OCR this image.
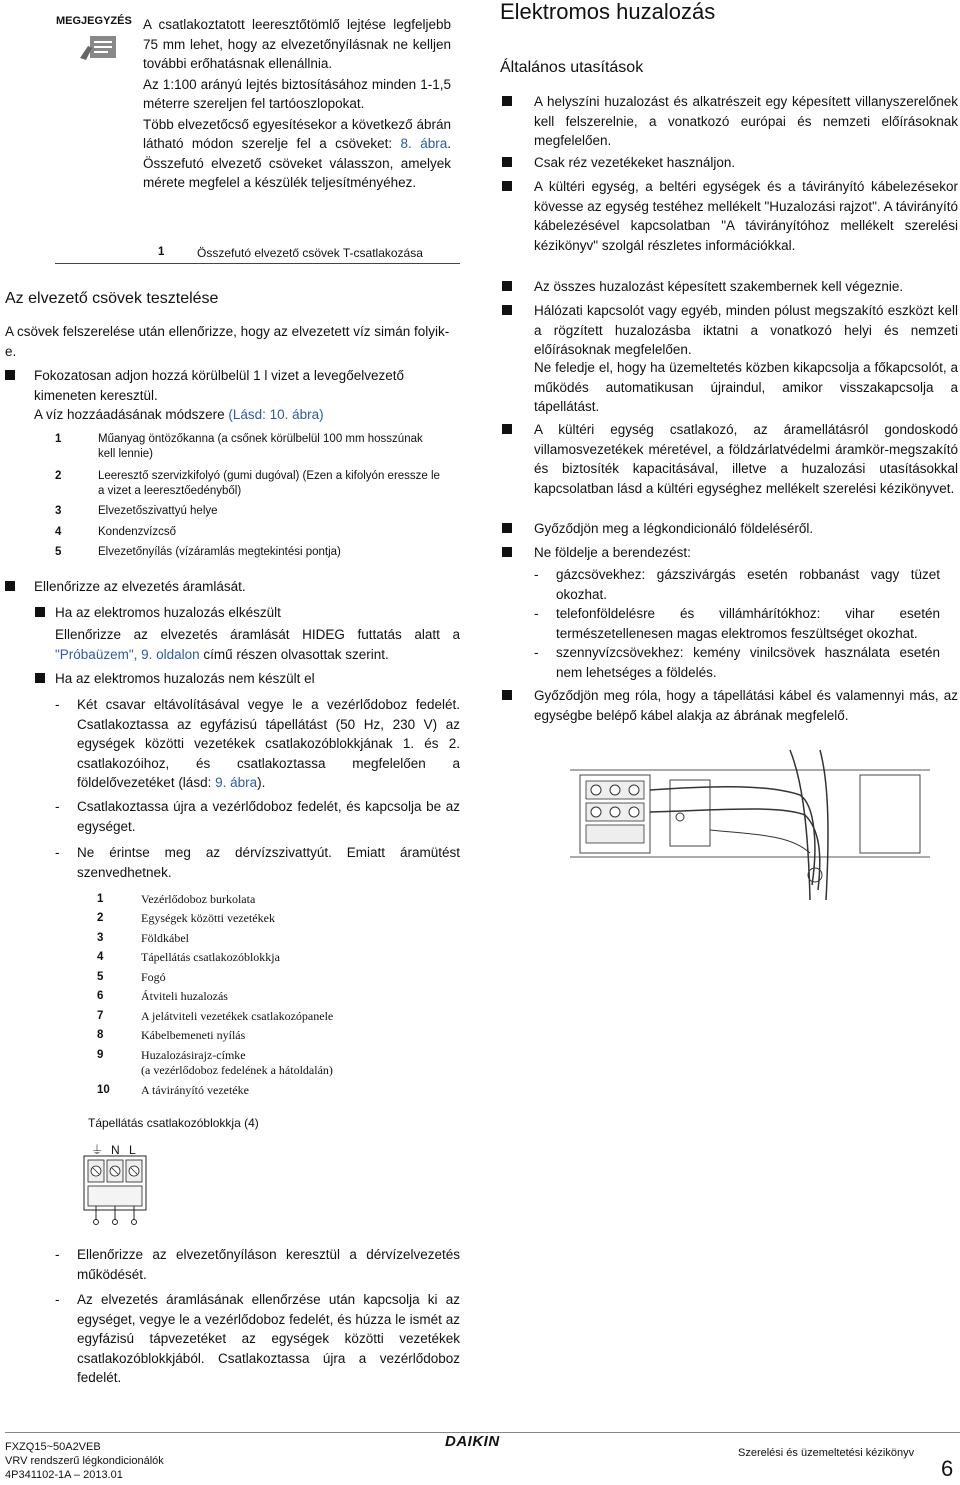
MEGJEGYZÉS A csatlakoztatott leeresztőtömlő lejtése legfeljebb 75 mm lehet, hogy az elvezetőnyílásnak ne kelljen további erőhatásnak ellenállnia.
Az 1:100 arányú lejtés biztosításához minden 1-1,5 méterre szereljen fel tartóoszlopokat.
Több elvezetőcső egyesítésekor a következő ábrán látható módon szerelje fel a csöveket: 8. ábra. Összefutó elvezető csöveket válasszon, amelyek mérete megfelel a készülék teljesítményéhez.
1	Összefutó elvezető csövek T-csatlakozása
Az elvezető csövek tesztelése
A csövek felszerelése után ellenőrizze, hogy az elvezetett víz simán folyik-e.
Fokozatosan adjon hozzá körülbelül 1 l vizet a levegőelvezető kimeneten keresztül.
A víz hozzáadásának módszere (Lásd: 10. ábra)
1	Műanyag öntözőkanna (a csőnek körülbelül 100 mm hosszúnak kell lennie)
2	Leeresztő szervizkifolyó (gumi dugóval) (Ezen a kifolyón eressze le a vizet a leeresztőedényből)
3	Elvezetőszivattyú helye
4	Kondenzvízcső
5	Elvezetőnyílás (vízáramlás megtekintési pontja)
Ellenőrizze az elvezetés áramlását.
Ha az elektromos huzalozás elkészült
Ellenőrizze az elvezetés áramlását HIDEG futtatás alatt a "Próbaüzem", 9. oldalon című részen olvasottak szerint.
Ha az elektromos huzalozás nem készült el
- Két csavar eltávolításával vegye le a vezérlődoboz fedelét. Csatlakoztassa az egyfázisú tápellátást (50 Hz, 230 V) az egységek közötti vezetékek csatlakozóblokkjának 1. és 2. csatlakozóihoz, és csatlakoztassa megfelelően a földelővezetéket (lásd: 9. ábra).
- Csatlakoztassa újra a vezérlődoboz fedelét, és kapcsolja be az egységet.
- Ne érintse meg az dérvízszivattyút. Emiatt áramütést szenvedhetnek.
1	Vezérlődoboz burkolata
2	Egységek közötti vezetékek
3	Földkábel
4	Tápellátás csatlakozóblokkja
5	Fogó
6	Átviteli huzalozás
7	A jelátviteli vezetékek csatlakozópanele
8	Kábelbemeneti nyílás
9	Huzalozásirajz-címke
(a vezérlődoboz fedelének a hátoldalán)
10	A távirányító vezetéke
Tápellátás csatlakozóblokkja (4)
⏚ N L
- Ellenőrizze az elvezetőnyíláson keresztül a dérvízelvezetés működését.
- Az elvezetés áramlásának ellenőrzése után kapcsolja ki az egységet, vegye le a vezérlődoboz fedelét, és húzza le ismét az egyfázisú tápvezetéket az egységek közötti vezetékek csatlakozóblokkjából. Csatlakoztassa újra a vezérlődoboz fedelét.
Elektromos huzalozás
Általános utasítások
A helyszíni huzalozást és alkatrészeit egy képesített villanyszerelőnek kell felszerelnie, a vonatkozó európai és nemzeti előírásoknak megfelelően.
Csak réz vezetékeket használjon.
A kültéri egység, a beltéri egységek és a távirányító kábelezésekor kövesse az egység testéhez mellékelt "Huzalozási rajzot". A távirányító kábelezésével kapcsolatban "A távirányítóhoz mellékelt szerelési kézikönyv" szolgál részletes információkkal.
Az összes huzalozást képesített szakembernek kell végeznie.
Hálózati kapcsolót vagy egyéb, minden pólust megszakító eszközt kell a rögzített huzalozásba iktatni a vonatkozó helyi és nemzeti előírásoknak megfelelően.
Ne feledje el, hogy ha üzemeltetés közben kikapcsolja a főkapcsolót, a működés automatikusan újraindul, amikor visszakapcsolja a tápellátást.
A kültéri egység csatlakozó, az áramellátásról gondoskodó villamosvezetékek méretével, a földzárlatvédelmi áramkör-megszakító és biztosíték kapacitásával, illetve a huzalozási utasításokkal kapcsolatban lásd a kültéri egységhez mellékelt szerelési kézikönyvet.
Győződjön meg a légkondicionáló földeléséről.
Ne földelje a berendezést:
- gázcsövekhez: gázszivárgás esetén robbanást vagy tüzet okozhat.
- telefonföldelésre és villámhárítókhoz: vihar esetén természetellenesen magas elektromos feszültséget okozhat.
- szennyvízcsövekhez: kemény vinilcsövek használata esetén nem lehetséges a földelés.
Győződjön meg róla, hogy a tápellátási kábel és valamennyi más, az egységbe belépő kábel alakja az ábrának megfelelő.
FXZQ15~50A2VEB
VRV rendszerű légkondicionálók
4P341102-1A – 2013.01
DAIKIN
Szerelési és üzemeltetési kézikönyv
6
